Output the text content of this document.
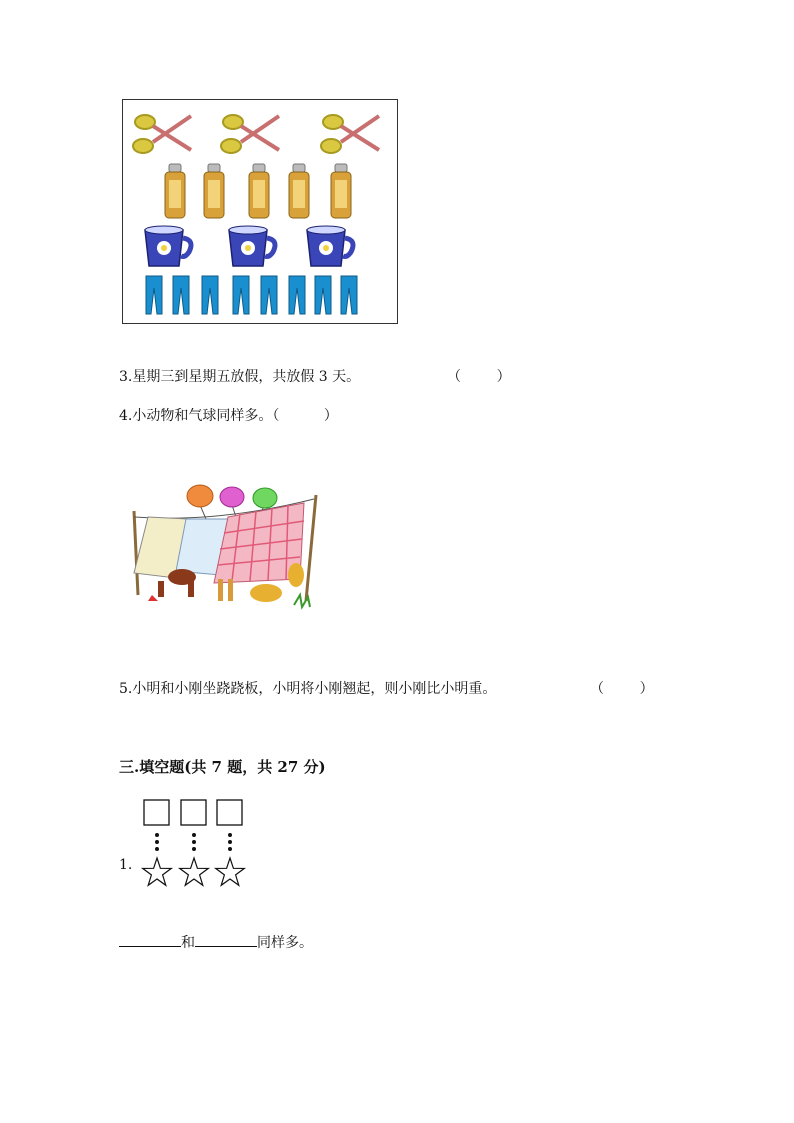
3.星期三到星期五放假，共放假 3 天。	（        ）
4.小动物和气球同样多。（          ）
5.小明和小刚坐跷跷板，小明将小刚翘起，则小刚比小明重。	（        ）
三.填空题(共 7 题，共 27 分)
1.
和	同样多。
